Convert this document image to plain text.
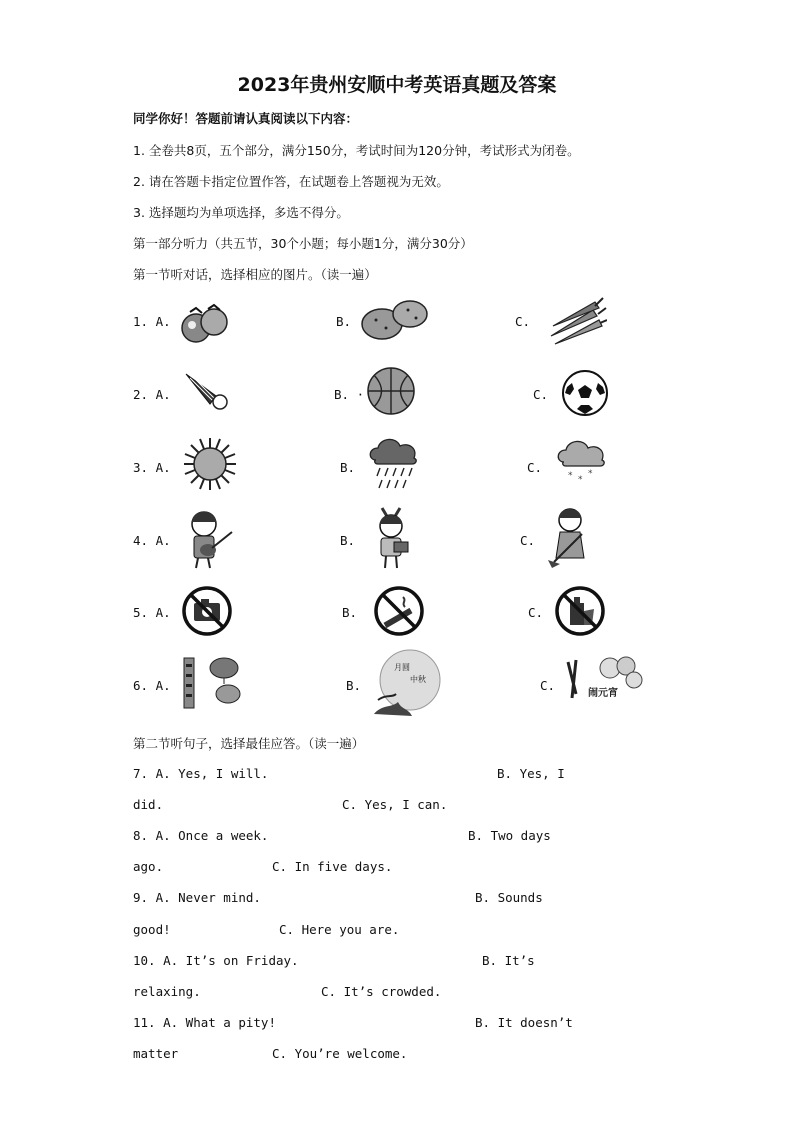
2023年贵州安顺中考英语真题及答案
同学你好！答题前请认真阅读以下内容：
1. 全卷共8页，五个部分，满分150分，考试时间为120分钟，考试形式为闭卷。
2. 请在答题卡指定位置作答，在试题卷上答题视为无效。
3. 选择题均为单项选择，多选不得分。
第一部分听力（共五节，30个小题；每小题1分，满分30分）
第一节听对话，选择相应的图片。（读一遍）
1. A.	B.	C.
2. A.	B. ·	C.
3. A.	B.	C.
* *
*
4. A.	B.	C.
5. A.	B.	C.
6. A.	B.
月圆
中秋	C.
闹元宵
第二节听句子，选择最佳应答。（读一遍）
7. A. Yes, I will.	B. Yes, I
did.	C. Yes, I can.
8. A. Once a week.	B. Two days
ago.	C. In five days.
9. A. Never mind.	B. Sounds
good!	C. Here you are.
10. A. It’s on Friday.	B. It’s
relaxing.	C. It’s crowded.
11. A. What a pity!	B. It doesn’t
matter	C. You’re welcome.
